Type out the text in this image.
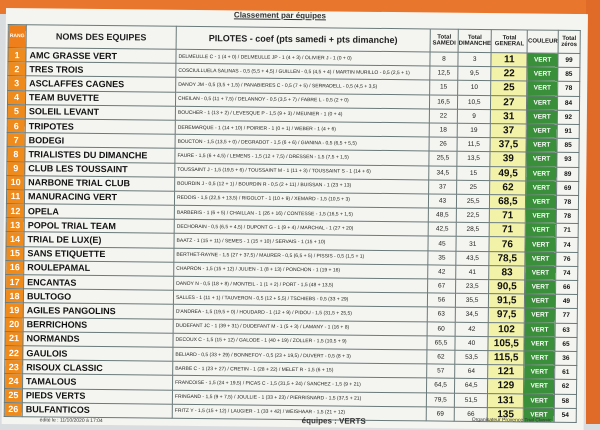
Classement par équipes
RANG	NOMS DES EQUIPES	PILOTES - coef (pts samedi + pts dimanche)	Total SAMEDI	Total DIMANCHE	Total GENERAL	COULEUR	Total zéros
1	AMC GRASSE VERT	DELMEULLE C - 1 (4 + 0) / DELMEULLE JP - 1 (4 + 3) / OLIVIER J - 1 (0 + 0)	8	3	11	VERT	99
2	TRES TROIS	COSCIULLUELA SALINAS - 0,5 (5,5 + 4,5) / GUILLEN - 0,5 (4,5 + 4) / MARTIN MURILLO - 0,5 (2,5 + 1)	12,5	9,5	22	VERT	85
3	ASCLAFFES CAGNES	DANOY JM - 0,5 (3,5 + 1,5) / PANABIERES C - 0,5 (7 + 5) / SERRADELL - 0,5 (4,5 + 3,5)	15	10	25	VERT	78
4	TEAM BUVETTE	CHEILAN - 0,5 (11 + 7,5) / DELANNOY - 0,5 (3,5 + 7) / FABRE L - 0,5 (2 + 0)	16,5	10,5	27	VERT	84
5	SOLEIL LEVANT	BOUCHER - 1 (13 + 2) / LEVESQUE P - 1,5 (9 + 3) / MEUNIER - 1 (0 + 4)	22	9	31	VERT	92
6	TRIPOTES	DEREMARQUE - 1 (14 + 10) / POIRIER - 1 (0 + 1) / WEBER - 1 (4 + 6)	18	19	37	VERT	91
7	BODEGI	BOUCTON - 1,5 (13,5 + 0) / DEGRADOT - 1,5 (6 + 6) / GIANINA - 0,5 (6,5 + 5,5)	26	11,5	37,5	VERT	85
8	TRIALISTES DU DIMANCHE	FAURE - 1,5 (6 + 4,5) / LEMENS - 1,5 (12 + 7,5) / DRESSEN - 1,5 (7,5 + 1,5)	25,5	13,5	39	VERT	93
9	CLUB LES TOUSSAINT	TOUSSAINT J - 1,5 (19,5 + 6) / TOUSSAINT M - 1 (11 + 3) / TOUSSAINT S - 1 (14 + 6)	34,5	15	49,5	VERT	89
10	NARBONE TRIAL CLUB	BOURDIN J - 0,5 (12 + 1) / BOURDIN R - 0,5 (2 + 11) / BUISSAN - 1 (23 + 13)	37	25	62	VERT	69
11	MANURACING VERT	REDOIS - 1,5 (22,5 + 13,5) / RIGOLOT - 1 (10 + 9) / XEMARD - 1,5 (10,5 + 3)	43	25,5	68,5	VERT	78
12	OPELA	BARBERIS - 1 (6 + 5) / CHAILLAN - 1 (26 + 16) / CONTESSE - 1,5 (16,5 + 1,5)	48,5	22,5	71	VERT	78
13	POPOL TRIAL TEAM	DECHORAIN - 0,5 (6,5 + 4,5) / DUPONT G - 1 (9 + 4) / MARCHAL - 1 (27 + 20)	42,5	28,5	71	VERT	71
14	TRIAL DE LUX(E)	BAATZ - 1 (15 + 11) / SEMES - 1 (15 + 10) / SERVAIS - 1 (15 + 10)	45	31	76	VERT	74
15	SANS ETIQUETTE	BERTHET-RAYNE - 1,5 (27 + 37,5) / MAURER - 0,5 (6,5 + 5) / PISSIS - 0,5 (1,5 + 1)	35	43,5	78,5	VERT	76
16	ROULEPAMAL	CHAPRON - 1,5 (15 + 12) / JULIEN - 1 (8 + 13) / PONCHON - 1 (19 + 16)	42	41	83	VERT	74
17	ENCANTAS	DANOY N - 0,5 (18 + 8) / MONTEIL - 1 (1 + 2) / PORT - 1,5 (48 + 13,5)	67	23,5	90,5	VERT	66
18	BULTOGO	SALLES - 1 (11 + 1) / TAUVERON - 0,5 (12 + 5,5) / TSCHIEBS - 0,5 (33 + 29)	56	35,5	91,5	VERT	49
19	AGILES PANGOLINS	D'ANDREA - 1,5 (19,5 + 0) / HOUDARD - 1 (12 + 9) / PIDOU - 1,5 (31,5 + 25,5)	63	34,5	97,5	VERT	77
20	BERRICHONS	DUDEFANT JC - 1 (39 + 31) / DUDEFANT M - 1 (5 + 3) / LAMANY - 1 (16 + 8)	60	42	102	VERT	63
21	NORMANDS	DECOUX C - 1,5 (15 + 12) / GALODE - 1 (40 + 19) / ZOLLER - 1,5 (10,5 + 9)	65,5	40	105,5	VERT	65
22	GAULOIS	BELIARD - 0,5 (33 + 29) / BONNEFOY - 0,5 (23 + 19,5) / DUVERT - 0,5 (8 + 3)	62	53,5	115,5	VERT	36
23	RISOUX CLASSIC	BARBE C - 1 (23 + 27) / CRETIN - 1 (28 + 22) / MELET R - 1,5 (6 + 15)	57	64	121	VERT	61
24	TAMALOUS	FRANCOISE - 1,5 (24 + 19,5) / PICAS C - 1,5 (31,5 + 24) / SANCHEZ - 1,5 (9 + 21)	64,5	64,5	129	VERT	62
25	PIEDS VERTS	FRINGAND - 1,5 (9 + 7,5) / JOULLIE - 1 (33 + 23) / PIERRISNARD - 1,5 (37,5 + 21)	79,5	51,5	131	VERT	58
26	BULFANTICOS	FRITZ Y - 1,5 (15 + 12) / LAUGIER - 1 (33 + 42) / WEISHAAR - 1,5 (21 + 12)	69	66	135	VERT	54
édité le : 11/10/2020 à 17:04	équipes : VERTS	Organisateur Provence Trial Classic
